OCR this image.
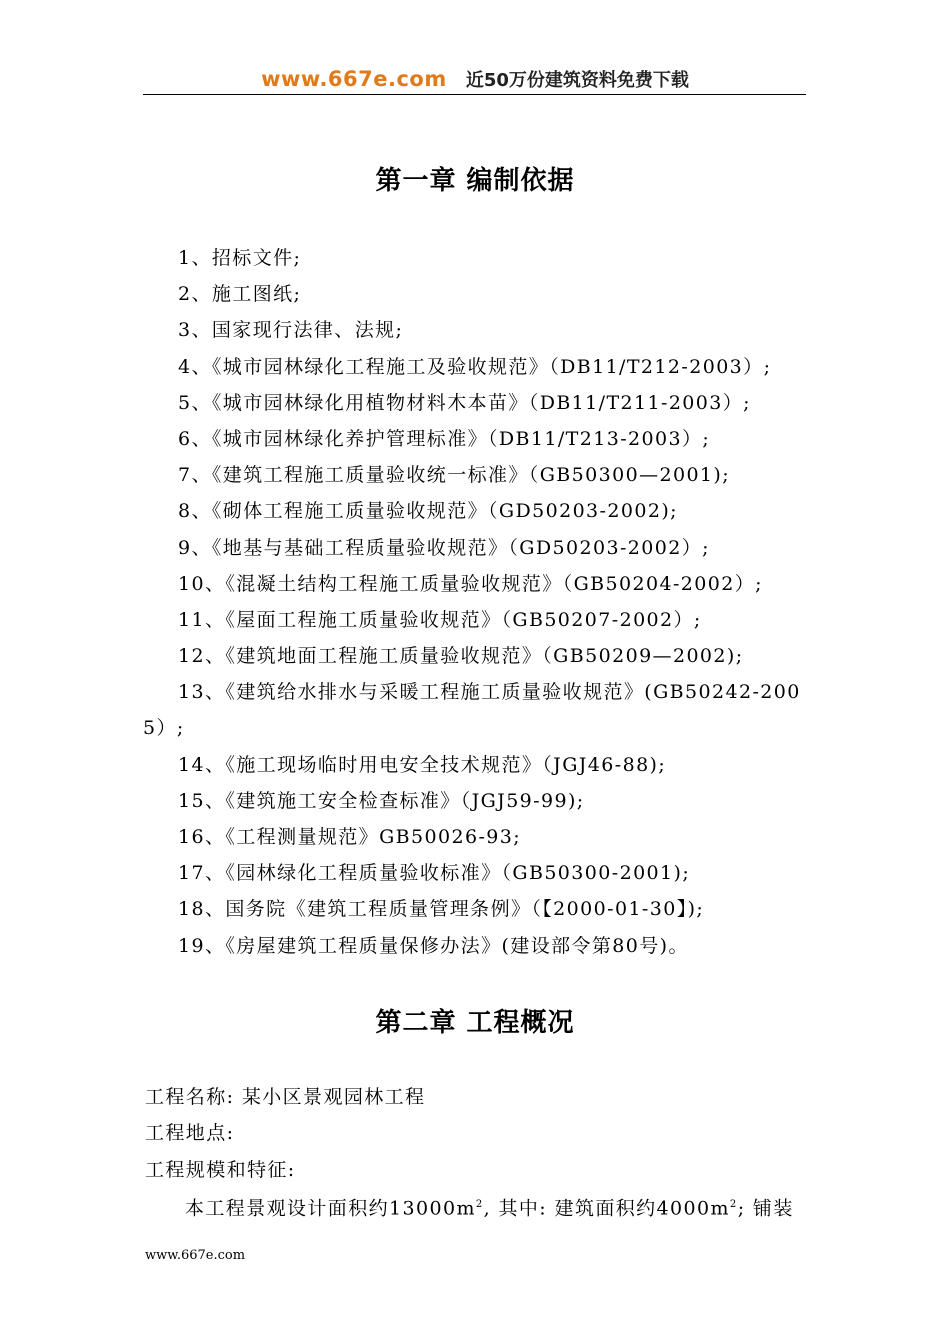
www.667e.com 近50万份建筑资料免费下载
第一章 编制依据
1、招标文件;
2、施工图纸;
3、国家现行法律、法规;
4、《城市园林绿化工程施工及验收规范》（DB11/T212-2003）;
5、《城市园林绿化用植物材料木本苗》（DB11/T211-2003）;
6、《城市园林绿化养护管理标准》（DB11/T213-2003）;
7、《建筑工程施工质量验收统一标准》（GB50300—2001);
8、《砌体工程施工质量验收规范》（GD50203-2002);
9、《地基与基础工程质量验收规范》（GD50203-2002）;
10、《混凝土结构工程施工质量验收规范》（GB50204-2002）;
11、《屋面工程施工质量验收规范》（GB50207-2002）;
12、《建筑地面工程施工质量验收规范》（GB50209—2002);
13、《建筑给水排水与采暖工程施工质量验收规范》(GB50242-200
5）;
14、《施工现场临时用电安全技术规范》（JGJ46-88);
15、《建筑施工安全检查标准》（JGJ59-99);
16、《工程测量规范》GB50026-93;
17、《园林绿化工程质量验收标准》（GB50300-2001);
18、国务院《建筑工程质量管理条例》（【2000-01-30】);
19、《房屋建筑工程质量保修办法》(建设部令第80号)。
第二章 工程概况
工程名称: 某小区景观园林工程
工程地点:
工程规模和特征:
本工程景观设计面积约$13000m^2$, 其中: 建筑面积约$4000m^2$; 铺装
www.667e.com
